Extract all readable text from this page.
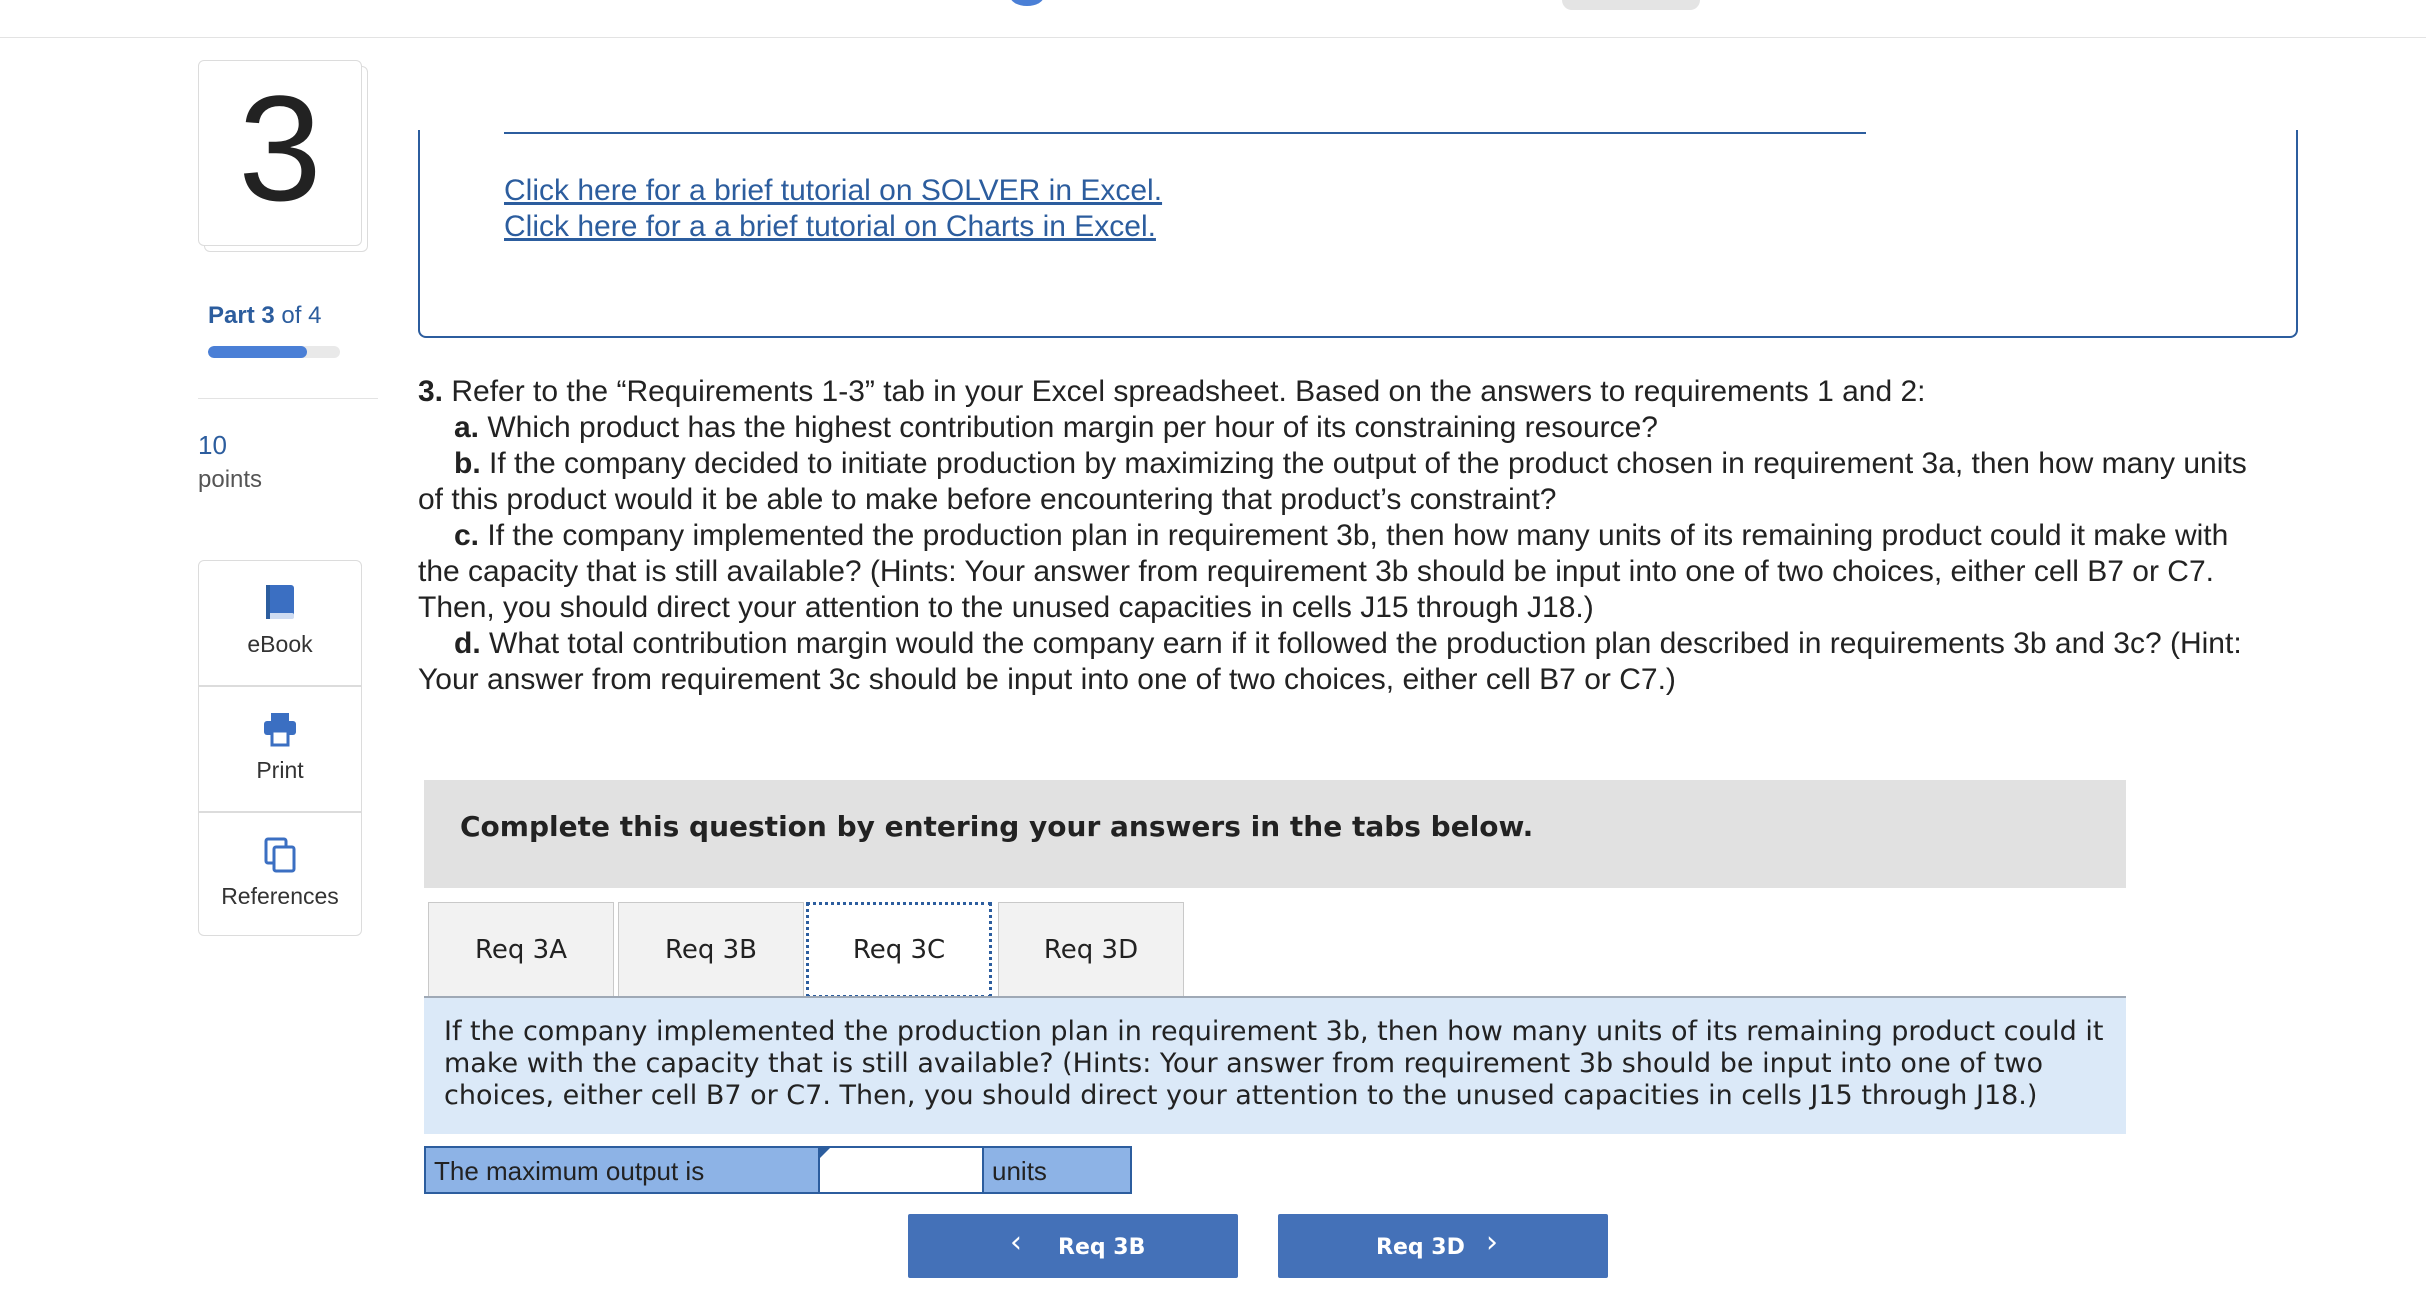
3
Part 3 of 4
10
points
eBook
Print
References
Click here for a brief tutorial on SOLVER in Excel.
Click here for a a brief tutorial on Charts in Excel.
3. Refer to the “Requirements 1-3” tab in your Excel spreadsheet. Based on the answers to requirements 1 and 2:
a. Which product has the highest contribution margin per hour of its constraining resource?
b. If the company decided to initiate production by maximizing the output of the product chosen in requirement 3a, then how many units of this product would it be able to make before encountering that product’s constraint?
c. If the company implemented the production plan in requirement 3b, then how many units of its remaining product could it make with the capacity that is still available? (Hints: Your answer from requirement 3b should be input into one of two choices, either cell B7 or C7. Then, you should direct your attention to the unused capacities in cells J15 through J18.)
d. What total contribution margin would the company earn if it followed the production plan described in requirements 3b and 3c? (Hint: Your answer from requirement 3c should be input into one of two choices, either cell B7 or C7.)
Complete this question by entering your answers in the tabs below.
Req 3A	Req 3B	Req 3C	Req 3D
If the company implemented the production plan in requirement 3b, then how many units of its remaining product could it make with the capacity that is still available? (Hints: Your answer from requirement 3b should be input into one of two choices, either cell B7 or C7. Then, you should direct your attention to the unused capacities in cells J15 through J18.)
The maximum output is	units
‹ Req 3B	Req 3D ›
